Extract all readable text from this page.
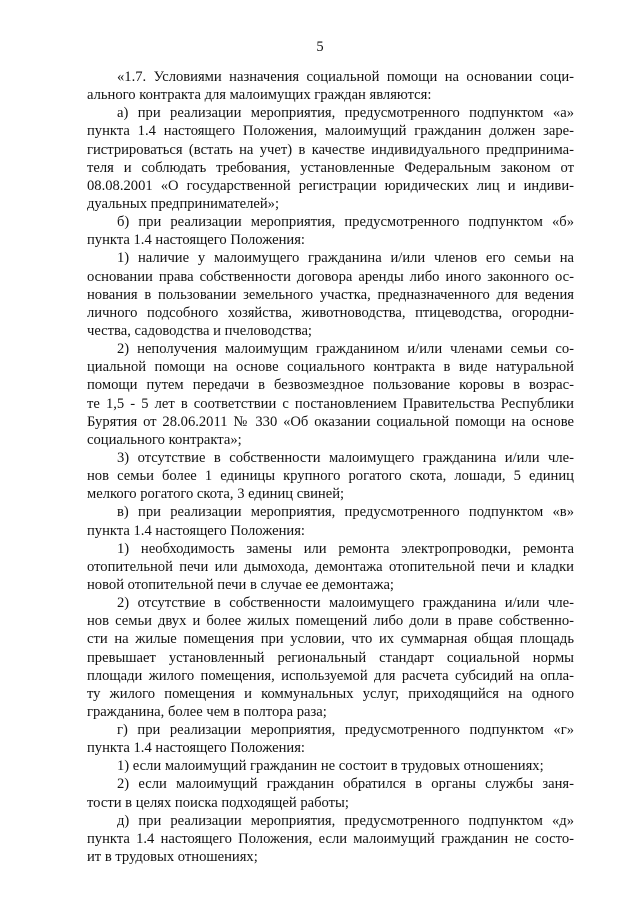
5
«1.7. Условиями назначения социальной помощи на основании соци-
ального контракта для малоимущих граждан являются:
а) при реализации мероприятия, предусмотренного подпунктом «а»
пункта 1.4 настоящего Положения, малоимущий гражданин должен заре-
гистрироваться (встать на учет) в качестве индивидуального предпринима-
теля и соблюдать требования, установленные Федеральным законом от
08.08.2001 «О государственной регистрации юридических лиц и индиви-
дуальных предпринимателей»;
б) при реализации мероприятия, предусмотренного подпунктом «б»
пункта 1.4 настоящего Положения:
1) наличие у малоимущего гражданина и/или членов его семьи на
основании права собственности договора аренды либо иного законного ос-
нования в пользовании земельного участка, предназначенного для ведения
личного подсобного хозяйства, животноводства, птицеводства, огородни-
чества, садоводства и пчеловодства;
2) неполучения малоимущим гражданином и/или членами семьи со-
циальной помощи на основе социального контракта в виде натуральной
помощи путем передачи в безвозмездное пользование коровы в возрас-
те 1,5 - 5 лет в соответствии с постановлением Правительства Республики
Бурятия от 28.06.2011 № 330 «Об оказании социальной помощи на основе
социального контракта»;
3) отсутствие в собственности малоимущего гражданина и/или чле-
нов семьи более 1 единицы крупного рогатого скота, лошади, 5 единиц
мелкого рогатого скота, 3 единиц свиней;
в) при реализации мероприятия, предусмотренного подпунктом «в»
пункта 1.4 настоящего Положения:
1) необходимость замены или ремонта электропроводки, ремонта
отопительной печи или дымохода, демонтажа отопительной печи и кладки
новой отопительной печи в случае ее демонтажа;
2) отсутствие в собственности малоимущего гражданина и/или чле-
нов семьи двух и более жилых помещений либо доли в праве собственно-
сти на жилые помещения при условии, что их суммарная общая площадь
превышает установленный региональный стандарт социальной нормы
площади жилого помещения, используемой для расчета субсидий на опла-
ту жилого помещения и коммунальных услуг, приходящийся на одного
гражданина, более чем в полтора раза;
г) при реализации мероприятия, предусмотренного подпунктом «г»
пункта 1.4 настоящего Положения:
1) если малоимущий гражданин не состоит в трудовых отношениях;
2) если малоимущий гражданин обратился в органы службы заня-
тости в целях поиска подходящей работы;
д) при реализации мероприятия, предусмотренного подпунктом «д»
пункта 1.4 настоящего Положения, если малоимущий гражданин не состо-
ит в трудовых отношениях;
